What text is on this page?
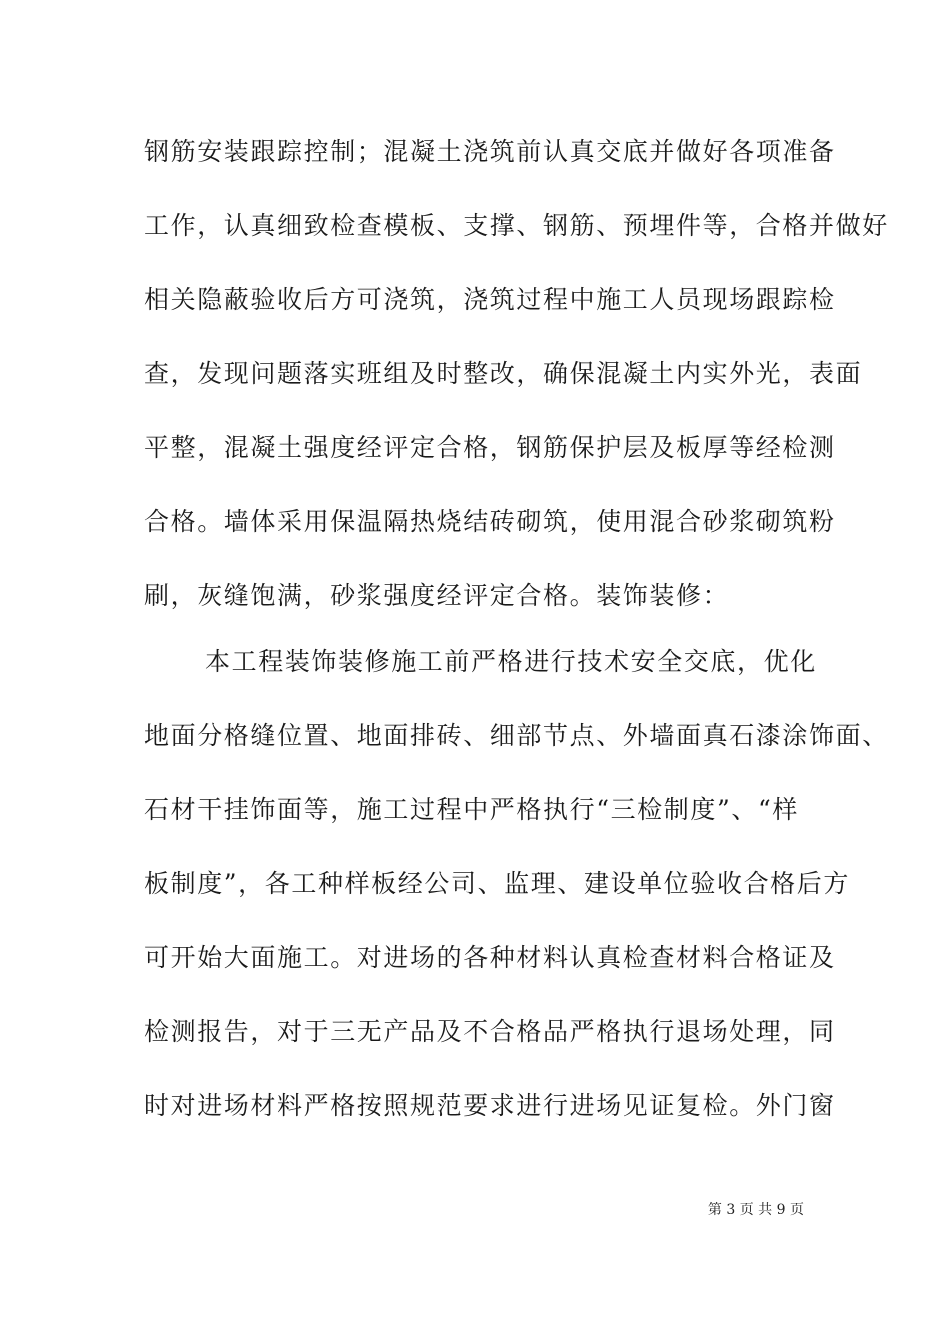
钢筋安装跟踪控制；混凝土浇筑前认真交底并做好各项准备
工作，认真细致检查模板、支撑、钢筋、预埋件等，合格并做好
相关隐蔽验收后方可浇筑，浇筑过程中施工人员现场跟踪检
查，发现问题落实班组及时整改，确保混凝土内实外光，表面
平整，混凝土强度经评定合格，钢筋保护层及板厚等经检测
合格。墙体采用保温隔热烧结砖砌筑，使用混合砂浆砌筑粉
刷，灰缝饱满，砂浆强度经评定合格。装饰装修：
本工程装饰装修施工前严格进行技术安全交底，优化
地面分格缝位置、地面排砖、细部节点、外墙面真石漆涂饰面、
石材干挂饰面等，施工过程中严格执行“三检制度”、“样
板制度”，各工种样板经公司、监理、建设单位验收合格后方
可开始大面施工。对进场的各种材料认真检查材料合格证及
检测报告，对于三无产品及不合格品严格执行退场处理，同
时对进场材料严格按照规范要求进行进场见证复检。外门窗
第 3 页 共 9 页
